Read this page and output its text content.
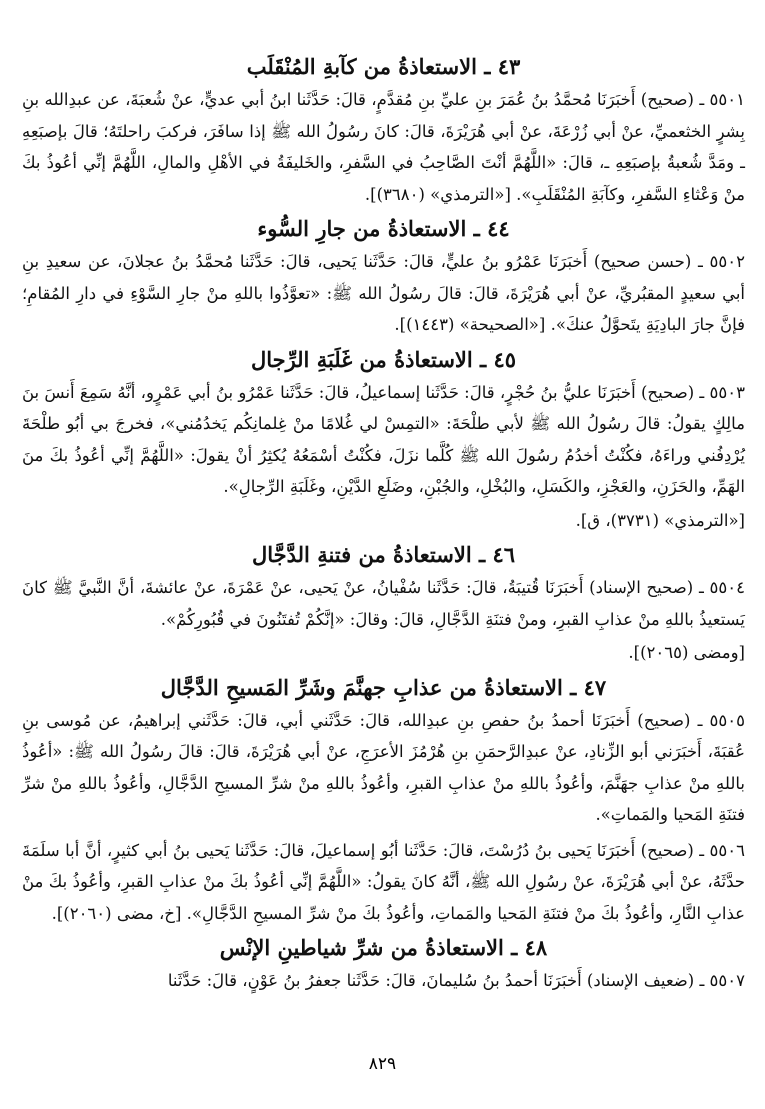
٤٣ ـ الاستعاذةُ من كآبةِ المُنْقَلَب

٥٥٠١ ـ (صحيح) أَخبَرَنَا مُحمَّدُ بنُ عُمَرَ بنِ عليِّ بنِ مُقدَّمٍ، قالَ: حَدَّثَنا ابنُ أبي عديٍّ، عنْ شُعبَةَ، عن عبدِالله بنِ بِشرٍ الخثعميِّ، عنْ أبي زُرْعَةَ، عنْ أبي هُرَيْرَةَ، قالَ: كانَ رسُولُ الله ﷺ إذا سافَرَ، فركبَ راحلتَهُ؛ قالَ بإصبَعِهِ ـ ومَدَّ شُعبةُ بإصبَعِهِ ـ، قالَ: «اللَّهُمَّ أنْتَ الصَّاحِبُ في السَّفرِ، والخَليفَةُ في الأهْلِ والمالِ، اللَّهُمَّ إنِّي أعُوذُ بكَ منْ وَعْثاءِ السَّفرِ، وكآبَةِ المُنْقَلَبِ». [«الترمذي» (٣٦٨٠)].

٤٤ ـ الاستعاذةُ من جارِ السُّوء

٥٥٠٢ ـ (حسن صحيح) أَخبَرَنَا عَمْرُو بنُ عليٍّ، قالَ: حَدَّثَنا يَحيى، قالَ: حَدَّثَنا مُحمَّدُ بنُ عجلانَ، عن سعيدِ بنِ أبي سعيدٍ المقبُريِّ، عنْ أبي هُرَيْرَةَ، قالَ: قالَ رسُولُ الله ﷺ: «تعوَّذُوا باللهِ منْ جارِ السَّوْءِ في دارِ المُقامِ؛ فإنَّ جارَ البادِيَةِ يتَحوَّلُ عنكَ». [«الصحيحة» (١٤٤٣)].

٤٥ ـ الاستعاذةُ من غَلَبَةِ الرِّجال

٥٥٠٣ ـ (صحيح) أَخبَرَنَا عليُّ بنُ حُجْرٍ، قالَ: حَدَّثَنا إسماعيلُ، قالَ: حَدَّثَنا عَمْرُو بنُ أبي عَمْرٍو، أنَّهُ سَمِعَ أَنسَ بنَ مالِكٍ يقولُ: قالَ رسُولُ الله ﷺ لأبي طلْحَةَ: «التمِسْ لي غُلامًا منْ غِلمانِكُم يَخدُمُني»، فخرجَ بي أبُو طلْحَةَ يُرْدِفُني وراءَهُ، فكُنْتُ أخدُمُ رسُولَ الله ﷺ كُلَّما نزَلَ، فكُنْتُ أسْمَعُهُ يُكثِرُ أنْ يقولَ: «اللَّهُمَّ إنِّي أعُوذُ بكَ منَ الهَمِّ، والحَزَنِ، والعَجْزِ، والكَسَلِ، والبُخْلِ، والجُبْنِ، وضَلَعِ الدَّيْنِ، وغَلَبَةِ الرِّجالِ».

[«الترمذي» (٣٧٣١)، ق].

٤٦ ـ الاستعاذةُ من فتنةِ الدَّجَّال

٥٥٠٤ ـ (صحيح الإسناد) أَخبَرَنَا قُتيبَةُ، قالَ: حَدَّثَنا سُفْيانُ، عنْ يَحيى، عنْ عَمْرَةَ، عنْ عائشةَ، أنَّ النَّبيَّ ﷺ كانَ يَستعيذُ باللهِ منْ عذابِ القبرِ، ومنْ فتنَةِ الدَّجَّالِ، قالَ: وقالَ: «إنَّكُمْ تُفتَنُونَ في قُبُورِكُمْ».

[ومضى (٢٠٦٥)].

٤٧ ـ الاستعاذةُ من عذابِ جهنَّمَ وشَرِّ المَسيحِ الدَّجَّال

٥٥٠٥ ـ (صحيح) أَخبَرَنَا أحمدُ بنُ حفصِ بنِ عبدِالله، قالَ: حَدَّثَني أبي، قالَ: حَدَّثَني إبراهيمُ، عن مُوسى بنِ عُقبَةَ، أَخبَرَني أبو الزِّنادِ، عنْ عبدِالرَّحمَنِ بنِ هُرْمُزَ الأعرَجِ، عنْ أبي هُرَيْرَةَ، قالَ: قالَ رسُولُ الله ﷺ: «أعُوذُ باللهِ منْ عذابِ جهَنَّمَ، وأعُوذُ باللهِ منْ عذابِ القبرِ، وأعُوذُ باللهِ منْ شرِّ المسيحِ الدَّجَّالِ، وأعُوذُ باللهِ منْ شرِّ فتنَةِ المَحيا والمَماتِ».

٥٥٠٦ ـ (صحيح) أَخبَرَنَا يَحيى بنُ دُرُسْتَ، قالَ: حَدَّثَنا أبُو إسماعيلَ، قالَ: حَدَّثَنا يَحيى بنُ أبي كثيرٍ، أنَّ أبا سلَمَةَ حدَّثَهُ، عنْ أبي هُرَيْرَةَ، عنْ رسُولِ الله ﷺ، أنَّهُ كانَ يقولُ: «اللَّهُمَّ إنِّي أعُوذُ بكَ منْ عذابِ القبرِ، وأعُوذُ بكَ منْ عذابِ النَّارِ، وأعُوذُ بكَ منْ فتنَةِ المَحيا والمَماتِ، وأعُوذُ بكَ منْ شرِّ المسيحِ الدَّجَّالِ». [خ، مضى (٢٠٦٠)].

٤٨ ـ الاستعاذةُ من شرِّ شياطينِ الإنْس

٥٥٠٧ ـ (ضعيف الإسناد) أَخبَرَنَا أحمدُ بنُ سُليمانَ، قالَ: حَدَّثَنا جعفرُ بنُ عَوْنٍ، قالَ: حَدَّثَنا

٨٢٩
